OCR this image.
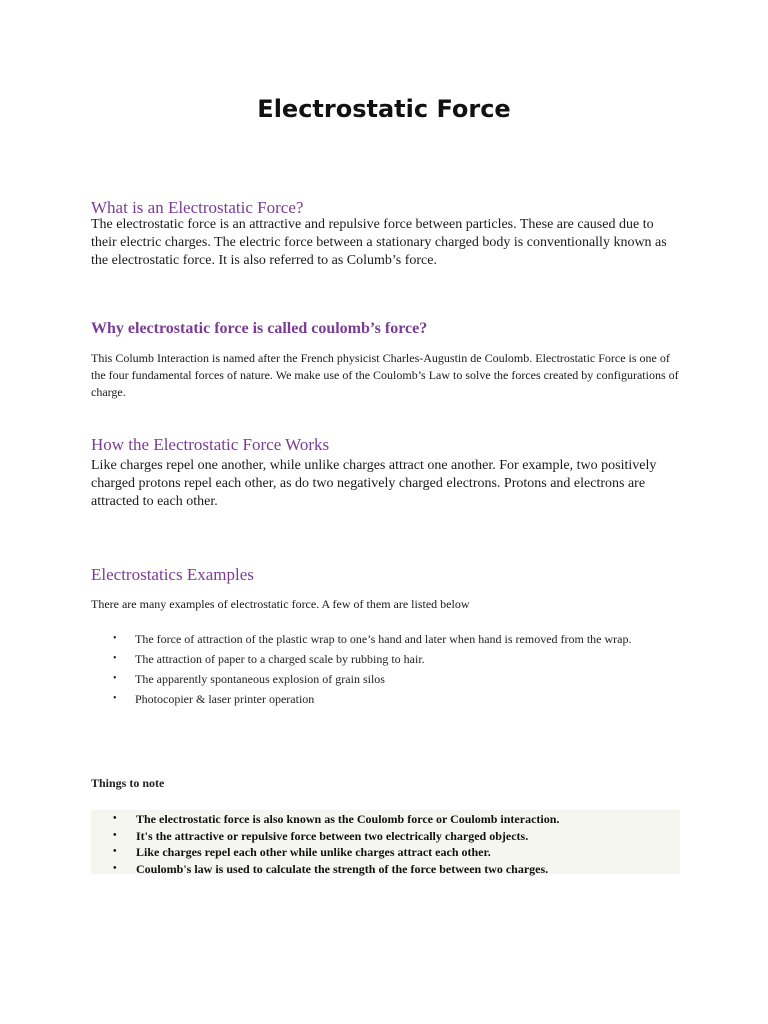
Electrostatic Force
What is an Electrostatic Force?

The electrostatic force is an attractive and repulsive force between particles. These are caused due to their electric charges. The electric force between a stationary charged body is conventionally known as the electrostatic force. It is also referred to as Columb’s force.

Why electrostatic force is called coulomb’s force?

This Columb Interaction is named after the French physicist Charles-Augustin de Coulomb. Electrostatic Force is one of the four fundamental forces of nature. We make use of the Coulomb’s Law to solve the forces created by configurations of charge.

How the Electrostatic Force Works

Like charges repel one another, while unlike charges attract one another. For example, two positively charged protons repel each other, as do two negatively charged electrons. Protons and electrons are attracted to each other.

Electrostatics Examples

There are many examples of electrostatic force. A few of them are listed below

• The force of attraction of the plastic wrap to one’s hand and later when hand is removed from the wrap.
• The attraction of paper to a charged scale by rubbing to hair.
• The apparently spontaneous explosion of grain silos
• Photocopier & laser printer operation

Things to note

• The electrostatic force is also known as the Coulomb force or Coulomb interaction.
• It's the attractive or repulsive force between two electrically charged objects.
• Like charges repel each other while unlike charges attract each other.
• Coulomb's law is used to calculate the strength of the force between two charges.
